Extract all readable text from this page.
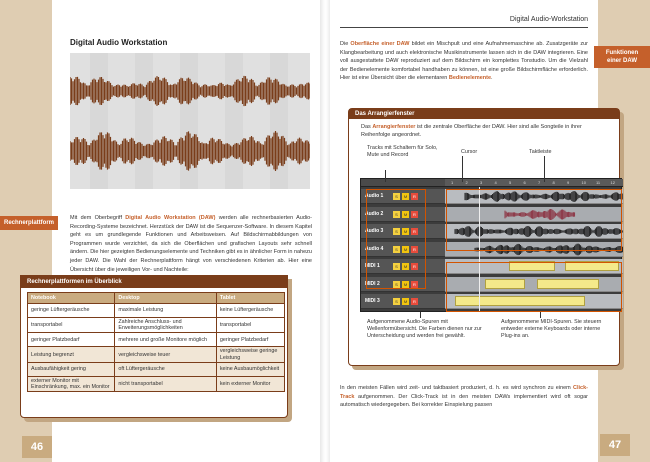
Digital Audio Workstation
Rechnerplattform

Mit dem Oberbegriff Digital Audio Workstation (DAW) werden alle rechnerbasierten Audio-Recording-Systeme bezeichnet. Herzstück der DAW ist die Sequenzer-Software. In diesem Kapitel geht es um grundlegende Funktionen und Arbeitsweisen. Auf Bildschirmabbildungen von Programmen wurde verzichtet, da sich die Oberflächen und grafischen Layouts sehr schnell ändern. Die hier gezeigten Bedienungselemente und Techniken gibt es in ähnlicher Form in nahezu jeder DAW. Die Wahl der Rechnerplattform hängt von verschiedenen Kriterien ab. Hier eine Übersicht über die jeweiligen Vor- und Nachteile:

Rechnerplattformen im Überblick
Notebook	Desktop	Tablet
geringe Lüftergeräusche	maximale Leistung	keine Lüftergeräusche
transportabel	Zahlreiche Anschluss- und Erweiterungsmöglichkeiten	transportabel
geringer Platzbedarf	mehrere und große Monitore möglich	geringer Platzbedarf
Leistung begrenzt	vergleichsweise teuer	vergleichsweise geringe Leistung
Ausbaufähigkeit gering	oft Lüftergeräusche	keine Ausbaumöglichkeit
externer Monitor mit Einschränkung, max. ein Monitor	nicht transportabel	kein externer Monitor
46
Digital Audio-Workstation
Funktionen einer DAW

Die Oberfläche einer DAW bildet ein Mischpult und eine Aufnahmemaschine ab. Zusatzgeräte zur Klangbearbeitung und auch elektronische Musikinstrumente lassen sich in die DAW integrieren. Eine voll ausgestattete DAW reproduziert auf dem Bildschirm ein komplettes Tonstudio. Um die Vielzahl der Bedienelemente komfortabel handhaben zu können, ist eine große Bildschirmfläche erforderlich. Hier ist eine Übersicht über die elementaren Bedienelemente.

Das Arrangierfenster
Das Arrangierfenster ist die zentrale Oberfläche der DAW. Hier sind alle Songteile in ihrer Reihenfolge angeordnet.
Tracks mit Schaltern für Solo, Mute und Record	Cursor	Taktleiste
Aufgenommene Audio-Spuren mit Wellenformübersicht. Die Farben dienen nur zur Unterscheidung und werden frei gewählt.
Aufgenommene MIDI-Spuren. Sie steuern entweder externe Keyboards oder interne Plug-ins an.
1	2	3	4	5	6	7	8	9	10	11	12
Audio 1	S	M	R
Audio 2	S	M	R
Audio 3	S	M	R
Audio 4	S	M	R
MIDI 1	S	M	R
MIDI 2	S	M	R
MIDI 3	S	M	R

In den meisten Fällen wird zeit- und taktbasiert produziert, d. h. es wird synchron zu einem Click-Track aufgenommen. Der Click-Track ist in den meisten DAWs implementiert wird oft sogar automatisch wiedergegeben. Bei korrekter Einspielung passen

47
